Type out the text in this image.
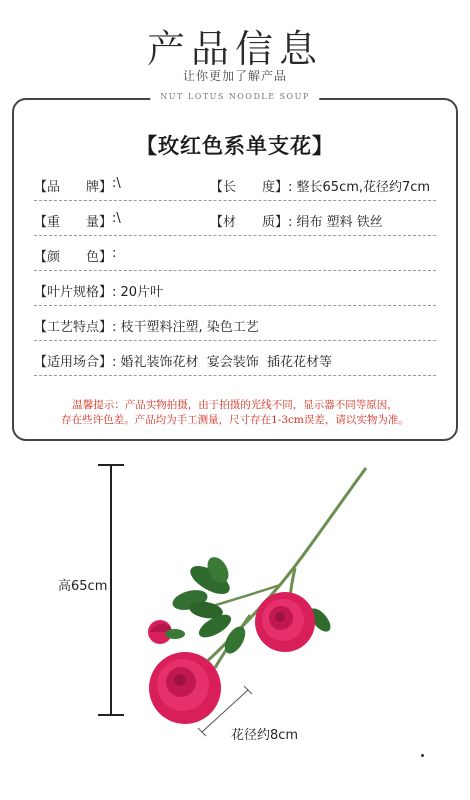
产品信息
让你更加了解产品
NUT LOTUS NOODLE SOUP
【玫红色系单支花】
【品　　牌】 :\	【长　　度】 : 整长65cm,花径约7cm
【重　　量】 :\	【材　　质】 : 绢布 塑料 铁丝
【颜　　色】 :
【叶片规格】 : 20片叶
【工艺特点】 : 枝干塑料注塑, 染色工艺
【适用场合】 : 婚礼装饰花材  宴会装饰  插花花材等
温馨提示：产品实物拍摄，由于拍摄的光线不同，显示器不同等原因，
存在些许色差。产品均为手工测量，尺寸存在1-3cm误差，请以实物为准。
高65cm
花径约8cm
